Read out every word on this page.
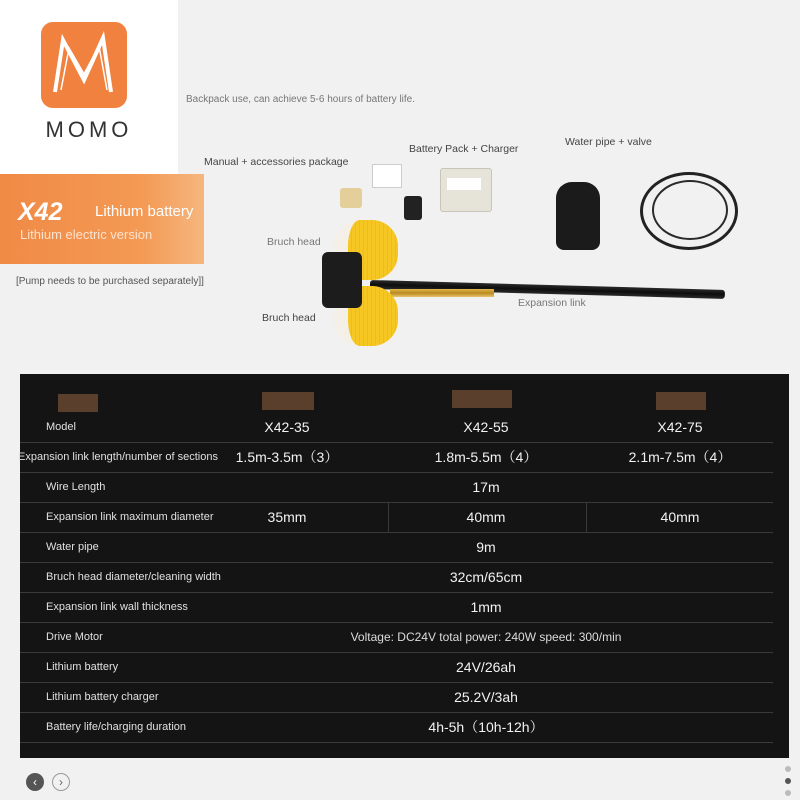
MOMO
X42 Lithium battery
Lithium electric version
Backpack use, can achieve 5-6 hours of battery life.
[Pump needs to be purchased separately]]
Manual + accessories package
Battery Pack + Charger
Water pipe + valve
Bruch head
Bruch head
Expansion link
Model	X42-35	X42-55	X42-75
Expansion link length/number of sections	1.5m-3.5m（3）	1.8m-5.5m（4）	2.1m-7.5m（4）
Wire Length	17m
Expansion link maximum diameter	35mm	40mm	40mm
Water pipe	9m
Bruch head diameter/cleaning width	32cm/65cm
Expansion link wall thickness	1mm
Drive Motor	Voltage: DC24V total power: 240W speed: 300/min
Lithium battery	24V/26ah
Lithium battery charger	25.2V/3ah
Battery life/charging duration	4h-5h（10h-12h）
‹	›
